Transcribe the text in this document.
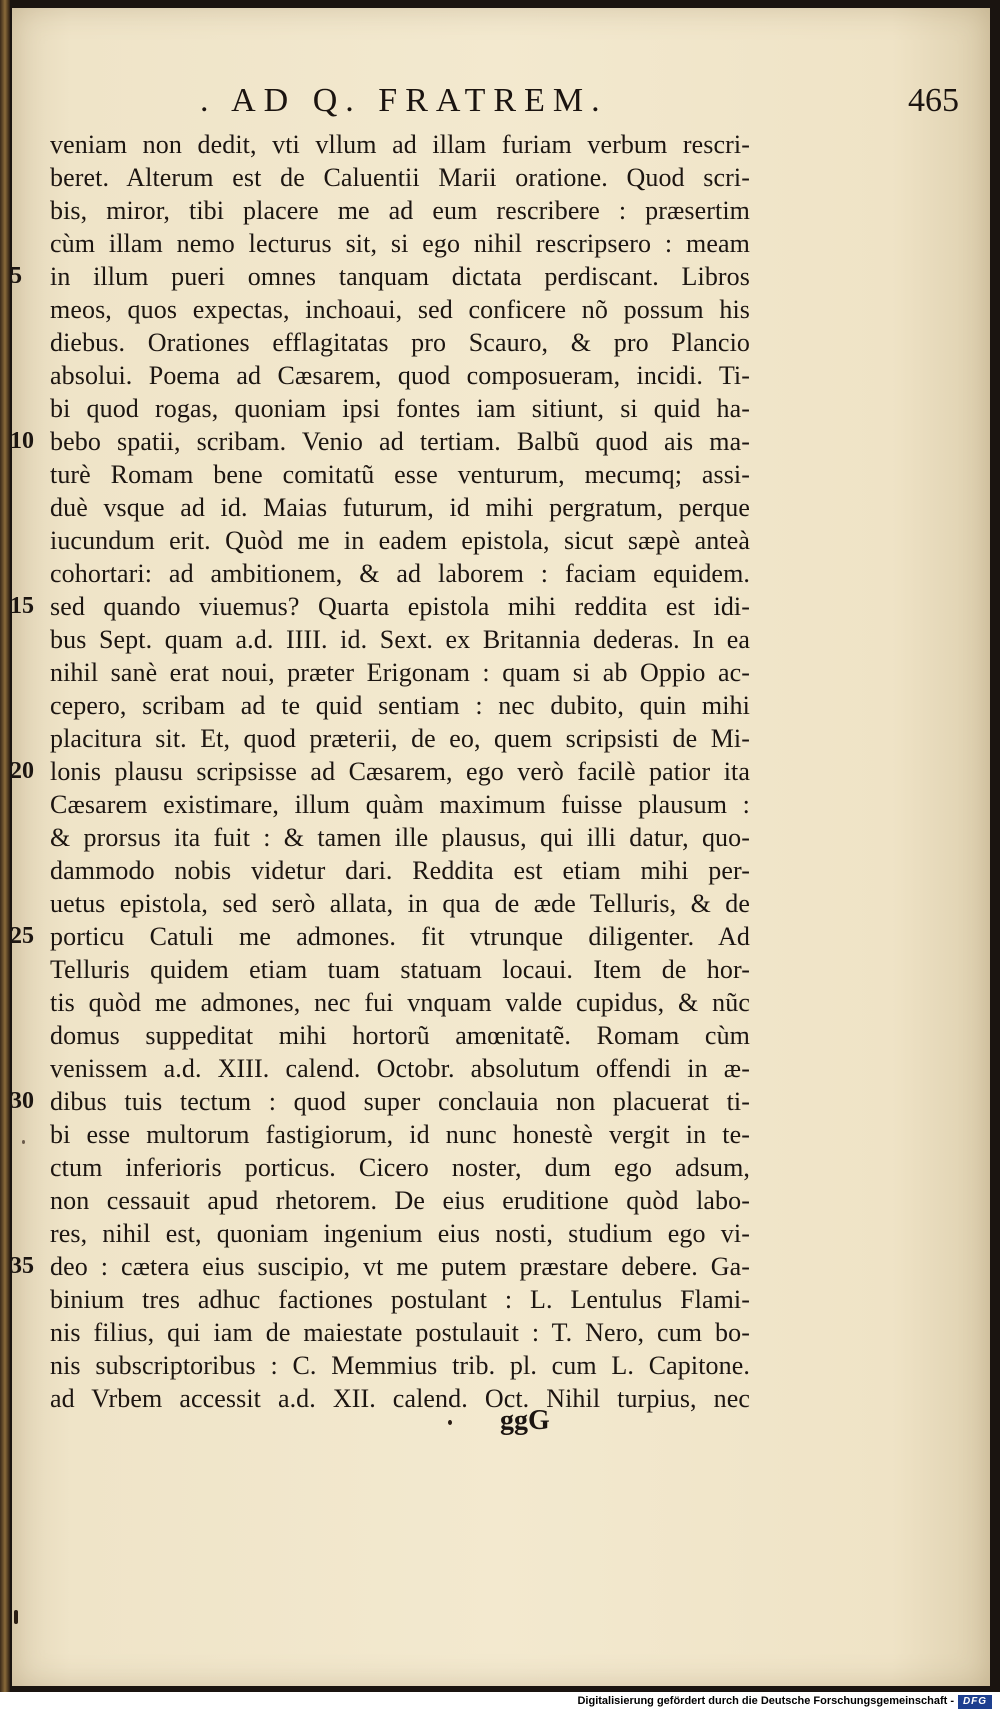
. AD Q. FRATREM.	465
veniam non dedit, vti vllum ad illam furiam verbum rescri-
beret. Alterum est de Caluentii Marii oratione. Quod scri-
bis, miror, tibi placere me ad eum rescribere : præsertim
cùm illam nemo lecturus sit, si ego nihil rescripsero : meam
5	in illum pueri omnes tanquam dictata perdiscant. Libros
meos, quos expectas, inchoaui, sed conficere nõ possum his
diebus. Orationes efflagitatas pro Scauro, & pro Plancio
absolui. Poema ad Cæsarem, quod composueram, incidi. Ti-
bi quod rogas, quoniam ipsi fontes iam sitiunt, si quid ha-
10 bebo spatii, scribam. Venio ad tertiam. Balbũ quod ais ma-
turè Romam bene comitatũ esse venturum, mecumq; assi-
duè vsque ad id. Maias futurum, id mihi pergratum, perque
iucundum erit. Quòd me in eadem epistola, sicut sæpè anteà
cohortari: ad ambitionem, & ad laborem : faciam equidem.
15 sed quando viuemus? Quarta epistola mihi reddita est idi-
bus Sept. quam a.d. IIII. id. Sext. ex Britannia dederas. In ea
nihil sanè erat noui, præter Erigonam : quam si ab Oppio ac-
cepero, scribam ad te quid sentiam : nec dubito, quin mihi
placitura sit. Et, quod præterii, de eo, quem scripsisti de Mi-
20 lonis plausu scripsisse ad Cæsarem, ego verò facilè patior ita
Cæsarem existimare, illum quàm maximum fuisse plausum :
& prorsus ita fuit : & tamen ille plausus, qui illi datur, quo-
dammodo nobis videtur dari. Reddita est etiam mihi per-
uetus epistola, sed serò allata, in qua de æde Telluris, & de
25 porticu Catuli me admones. fit vtrunque diligenter. Ad
Telluris quidem etiam tuam statuam locaui. Item de hor-
tis quòd me admones, nec fui vnquam valde cupidus, & nũc
domus suppeditat mihi hortorũ amœnitatẽ. Romam cùm
venissem a.d. XIII. calend. Octobr. absolutum offendi in æ-
30 dibus tuis tectum : quod super conclauia non placuerat ti-
bi esse multorum fastigiorum, id nunc honestè vergit in te-
ctum inferioris porticus. Cicero noster, dum ego adsum,
non cessauit apud rhetorem. De eius eruditione quòd labo-
res, nihil est, quoniam ingenium eius nosti, studium ego vi-
35 deo : cætera eius suscipio, vt me putem præstare debere. Ga-
binium tres adhuc factiones postulant : L. Lentulus Flami-
nis filius, qui iam de maiestate postulauit : T. Nero, cum bo-
nis subscriptoribus : C. Memmius trib. pl. cum L. Capitone.
ad Vrbem accessit a.d. XII. calend. Oct. Nihil turpius, nec
ggG
Digitalisierung gefördert durch die Deutsche Forschungsgemeinschaft - DFG
